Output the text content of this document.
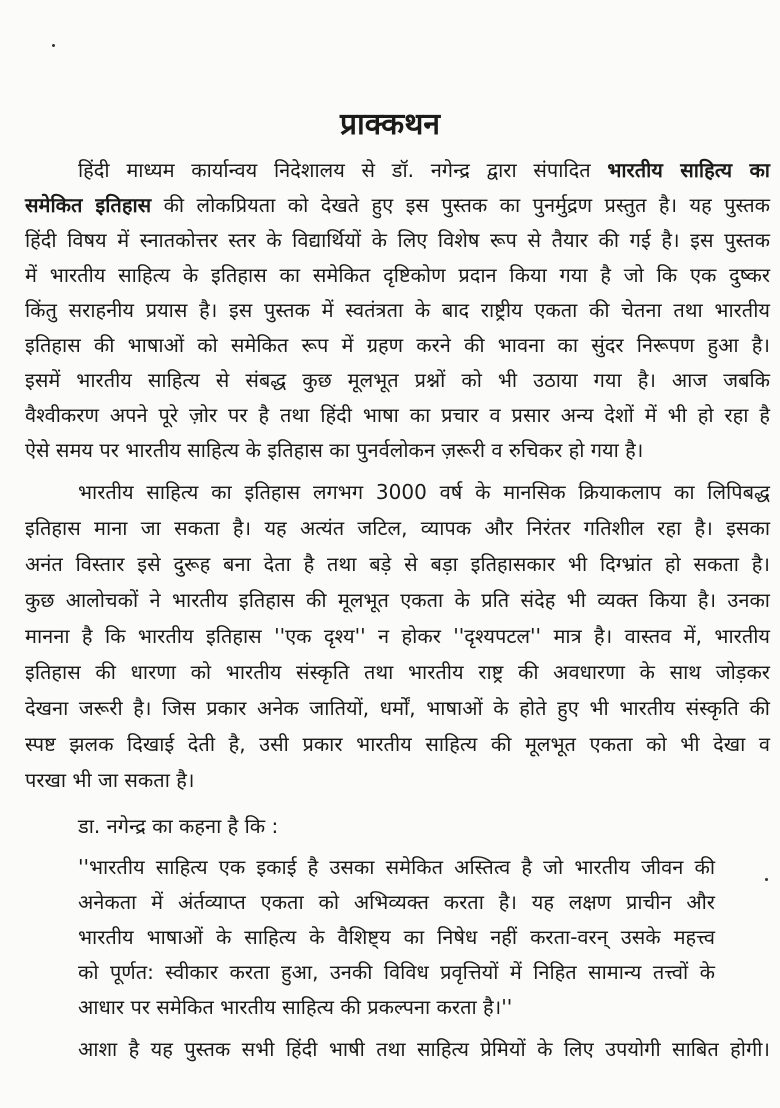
प्राक्कथन
हिंदी माध्यम कार्यान्वय निदेशालय से डॉ. नगेन्द्र द्वारा संपादित भारतीय साहित्य का
समेकित इतिहास की लोकप्रियता को देखते हुए इस पुस्तक का पुनर्मुद्रण प्रस्तुत है। यह पुस्तक
हिंदी विषय में स्नातकोत्तर स्तर के विद्यार्थियों के लिए विशेष रूप से तैयार की गई है। इस पुस्तक
में भारतीय साहित्य के इतिहास का समेकित दृष्टिकोण प्रदान किया गया है जो कि एक दुष्कर
किंतु सराहनीय प्रयास है। इस पुस्तक में स्वतंत्रता के बाद राष्ट्रीय एकता की चेतना तथा भारतीय
इतिहास की भाषाओं को समेकित रूप में ग्रहण करने की भावना का सुंदर निरूपण हुआ है।
इसमें भारतीय साहित्य से संबद्ध कुछ मूलभूत प्रश्नों को भी उठाया गया है। आज जबकि
वैश्वीकरण अपने पूरे ज़ोर पर है तथा हिंदी भाषा का प्रचार व प्रसार अन्य देशों में भी हो रहा है
ऐसे समय पर भारतीय साहित्य के इतिहास का पुनर्वलोकन ज़रूरी व रुचिकर हो गया है।
भारतीय साहित्य का इतिहास लगभग 3000 वर्ष के मानसिक क्रियाकलाप का लिपिबद्ध
इतिहास माना जा सकता है। यह अत्यंत जटिल, व्यापक और निरंतर गतिशील रहा है। इसका
अनंत विस्तार इसे दुरूह बना देता है तथा बड़े से बड़ा इतिहासकार भी दिग्भ्रांत हो सकता है।
कुछ आलोचकों ने भारतीय इतिहास की मूलभूत एकता के प्रति संदेह भी व्यक्त किया है। उनका
मानना है कि भारतीय इतिहास ''एक दृश्य'' न होकर ''दृश्यपटल'' मात्र है। वास्तव में, भारतीय
इतिहास की धारणा को भारतीय संस्कृति तथा भारतीय राष्ट्र की अवधारणा के साथ जोड़कर
देखना जरूरी है। जिस प्रकार अनेक जातियों, धर्मों, भाषाओं के होते हुए भी भारतीय संस्कृति की
स्पष्ट झलक दिखाई देती है, उसी प्रकार भारतीय साहित्य की मूलभूत एकता को भी देखा व
परखा भी जा सकता है।
डा. नगेन्द्र का कहना है कि :
''भारतीय साहित्य एक इकाई है उसका समेकित अस्तित्व है जो भारतीय जीवन की
अनेकता में अंर्तव्याप्त एकता को अभिव्यक्त करता है। यह लक्षण प्राचीन और
भारतीय भाषाओं के साहित्य के वैशिष्ट्य का निषेध नहीं करता-वरन् उसके महत्त्व
को पूर्णत: स्वीकार करता हुआ, उनकी विविध प्रवृत्तियों में निहित सामान्य तत्त्वों के
आधार पर समेकित भारतीय साहित्य की प्रकल्पना करता है।''
आशा है यह पुस्तक सभी हिंदी भाषी तथा साहित्य प्रेमियों के लिए उपयोगी साबित होगी।
